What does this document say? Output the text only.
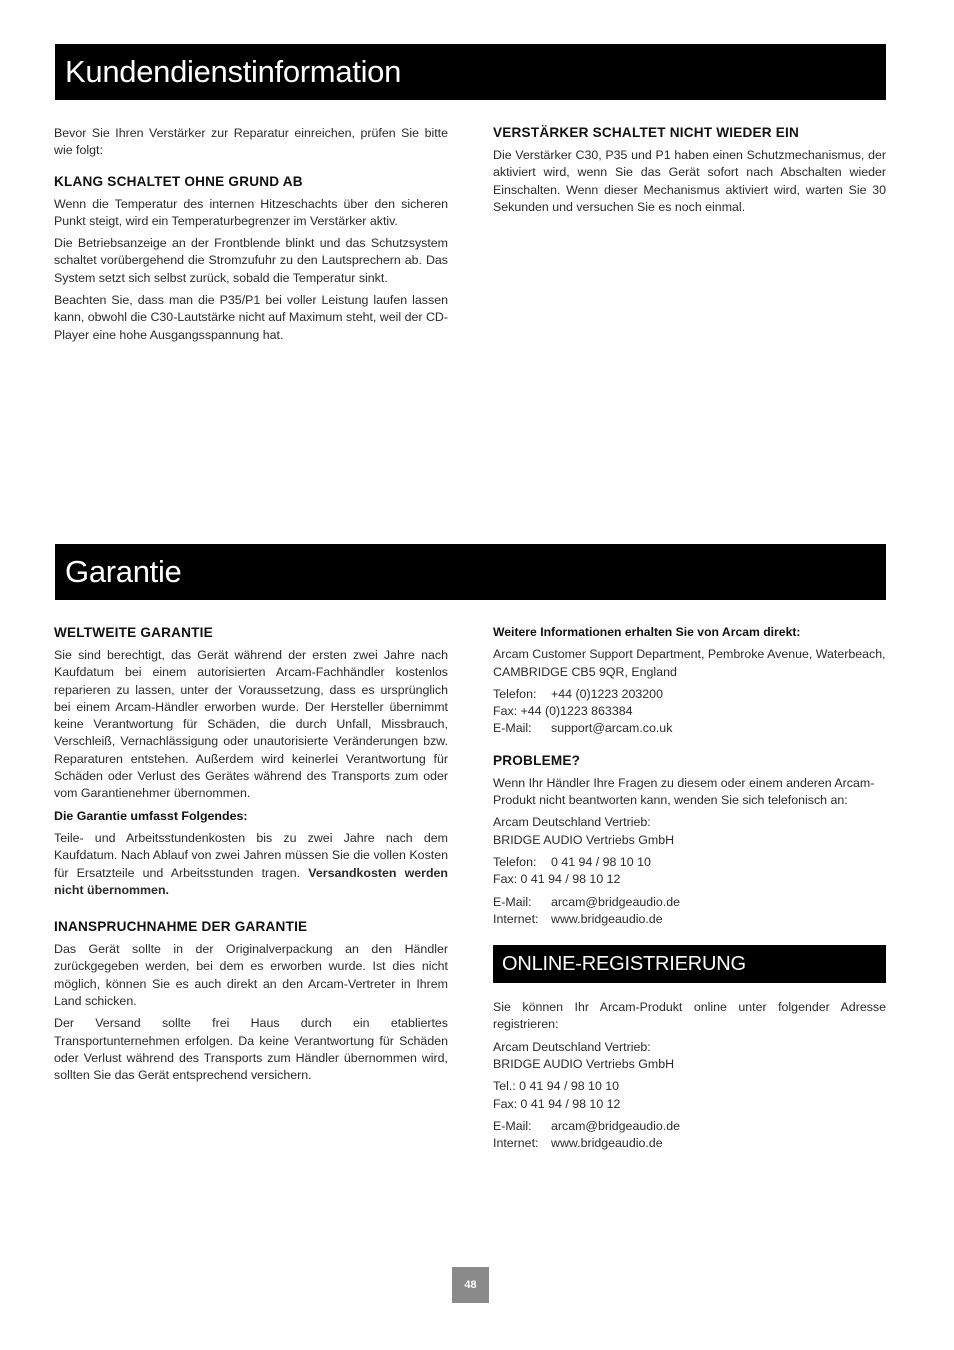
Kundendienstinformation

Bevor Sie Ihren Verstärker zur Reparatur einreichen, prüfen Sie bitte wie folgt:

KLANG SCHALTET OHNE GRUND AB

Wenn die Temperatur des internen Hitzeschachts über den sicheren Punkt steigt, wird ein Temperaturbegrenzer im Verstärker aktiv.

Die Betriebsanzeige an der Frontblende blinkt und das Schutzsystem schaltet vorübergehend die Stromzufuhr zu den Lautsprechern ab. Das System setzt sich selbst zurück, sobald die Temperatur sinkt.

Beachten Sie, dass man die P35/P1 bei voller Leistung laufen lassen kann, obwohl die C30-Lautstärke nicht auf Maximum steht, weil der CD-Player eine hohe Ausgangsspannung hat.

VERSTÄRKER SCHALTET NICHT WIEDER EIN

Die Verstärker C30, P35 und P1 haben einen Schutzmechanismus, der aktiviert wird, wenn Sie das Gerät sofort nach Abschalten wieder Einschalten. Wenn dieser Mechanismus aktiviert wird, warten Sie 30 Sekunden und versuchen Sie es noch einmal.

Garantie
WELTWEITE GARANTIE

Sie sind berechtigt, das Gerät während der ersten zwei Jahre nach Kaufdatum bei einem autorisierten Arcam-Fachhändler kostenlos reparieren zu lassen, unter der Voraussetzung, dass es ursprünglich bei einem Arcam-Händler erworben wurde. Der Hersteller übernimmt keine Verantwortung für Schäden, die durch Unfall, Missbrauch, Verschleiß, Vernachlässigung oder unautorisierte Veränderungen bzw. Reparaturen entstehen. Außerdem wird keinerlei Verantwortung für Schäden oder Verlust des Gerätes während des Transports zum oder vom Garantienehmer übernommen.

Die Garantie umfasst Folgendes:

Teile- und Arbeitsstundenkosten bis zu zwei Jahre nach dem Kaufdatum. Nach Ablauf von zwei Jahren müssen Sie die vollen Kosten für Ersatzteile und Arbeitsstunden tragen. Versandkosten werden nicht übernommen.

INANSPRUCHNAHME DER GARANTIE

Das Gerät sollte in der Originalverpackung an den Händler zurückgegeben werden, bei dem es erworben wurde. Ist dies nicht möglich, können Sie es auch direkt an den Arcam-Vertreter in Ihrem Land schicken.

Der Versand sollte frei Haus durch ein etabliertes Transportunternehmen erfolgen. Da keine Verantwortung für Schäden oder Verlust während des Transports zum Händler übernommen wird, sollten Sie das Gerät entsprechend versichern.

Weitere Informationen erhalten Sie von Arcam direkt:

Arcam Customer Support Department, Pembroke Avenue, Waterbeach, CAMBRIDGE CB5 9QR, England

Telefon:	+44 (0)1223 203200
Fax: +44 (0)1223 863384
E-Mail:	support@arcam.co.uk
PROBLEME?

Wenn Ihr Händler Ihre Fragen zu diesem oder einem anderen Arcam-Produkt nicht beantworten kann, wenden Sie sich telefonisch an:

Arcam Deutschland Vertrieb:
BRIDGE AUDIO Vertriebs GmbH
Telefon:	0 41 94 / 98 10 10
Fax: 0 41 94 / 98 10 12
E-Mail:	arcam@bridgeaudio.de
Internet:	www.bridgeaudio.de
ONLINE-REGISTRIERUNG

Sie können Ihr Arcam-Produkt online unter folgender Adresse registrieren:

Arcam Deutschland Vertrieb:
BRIDGE AUDIO Vertriebs GmbH
Tel.: 0 41 94 / 98 10 10
Fax: 0 41 94 / 98 10 12
E-Mail:	arcam@bridgeaudio.de
Internet:	www.bridgeaudio.de
48
